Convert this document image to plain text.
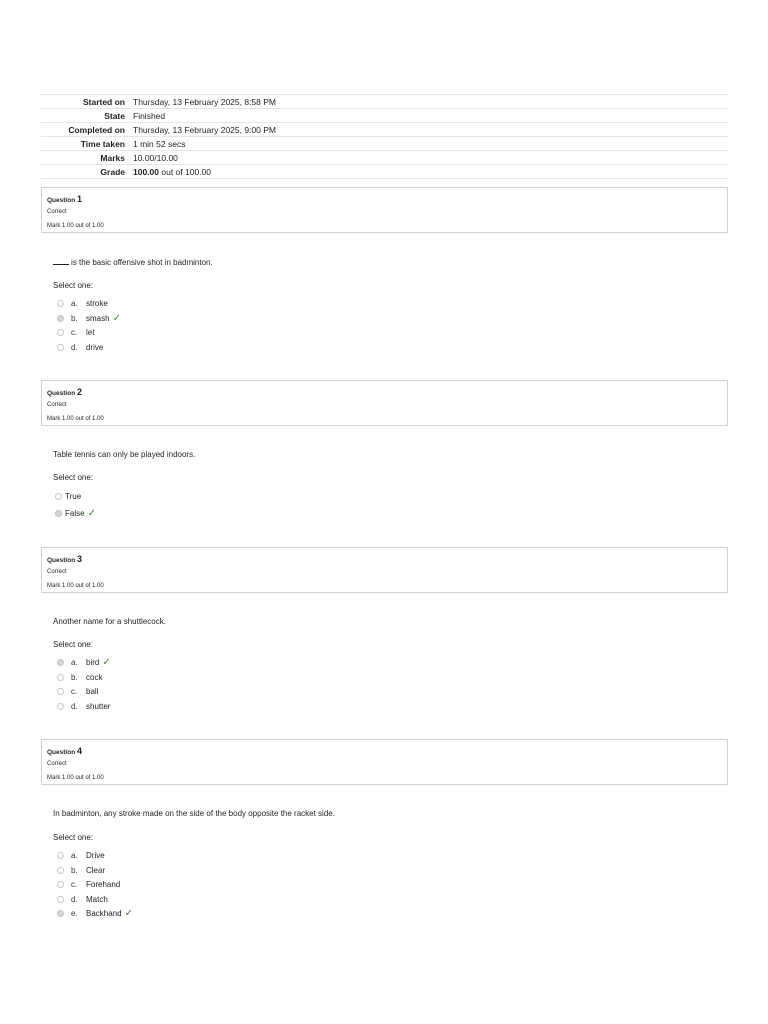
Started on	Thursday, 13 February 2025, 8:58 PM
State	Finished
Completed on	Thursday, 13 February 2025, 9:00 PM
Time taken	1 min 52 secs
Marks	10.00/10.00
Grade	100.00 out of 100.00
Question 1
Correct
Mark 1.00 out of 1.00
is the basic offensive shot in badminton.
Select one:
a.	stroke
b.	smash ✓
c.	let
d.	drive
Question 2
Correct
Mark 1.00 out of 1.00
Table tennis can only be played indoors.
Select one:
True
False ✓
Question 3
Correct
Mark 1.00 out of 1.00
Another name for a shuttlecock.
Select one:
a.	bird ✓
b.	cock
c.	ball
d.	shutter
Question 4
Correct
Mark 1.00 out of 1.00
In badminton, any stroke made on the side of the body opposite the racket side.
Select one:
a.	Drive
b.	Clear
c.	Forehand
d.	Match
e.	Backhand ✓
